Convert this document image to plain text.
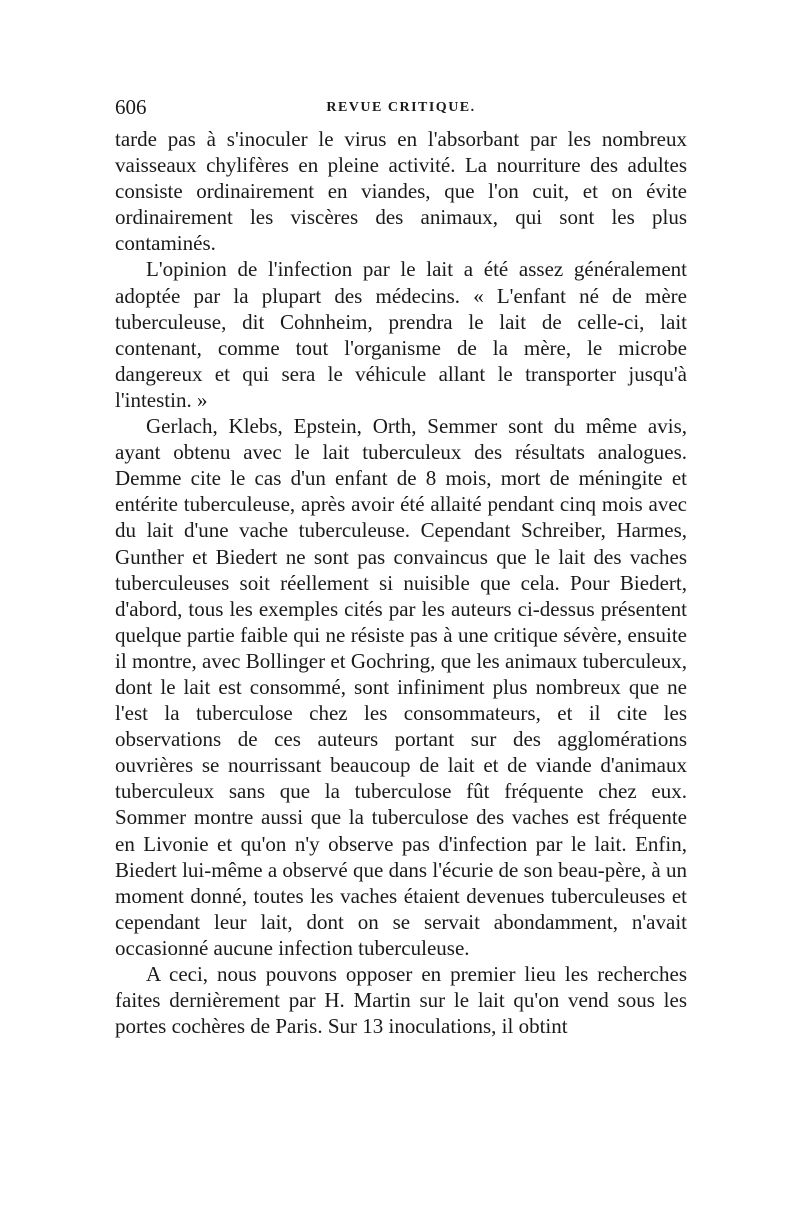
606	REVUE CRITIQUE.

tarde pas à s'inoculer le virus en l'absorbant par les nombreux vaisseaux chylifères en pleine activité. La nourriture des adultes consiste ordinairement en viandes, que l'on cuit, et on évite ordinairement les viscères des animaux, qui sont les plus contaminés.

L'opinion de l'infection par le lait a été assez généralement adoptée par la plupart des médecins. « L'enfant né de mère tuberculeuse, dit Cohnheim, prendra le lait de celle-ci, lait contenant, comme tout l'organisme de la mère, le microbe dangereux et qui sera le véhicule allant le transporter jusqu'à l'intestin. »

Gerlach, Klebs, Epstein, Orth, Semmer sont du même avis, ayant obtenu avec le lait tuberculeux des résultats analogues. Demme cite le cas d'un enfant de 8 mois, mort de méningite et entérite tuberculeuse, après avoir été allaité pendant cinq mois avec du lait d'une vache tuberculeuse. Cependant Schreiber, Harmes, Gunther et Biedert ne sont pas convaincus que le lait des vaches tuberculeuses soit réellement si nuisible que cela. Pour Biedert, d'abord, tous les exemples cités par les auteurs ci-dessus présentent quelque partie faible qui ne résiste pas à une critique sévère, ensuite il montre, avec Bollinger et Gochring, que les animaux tuberculeux, dont le lait est consommé, sont infiniment plus nombreux que ne l'est la tuberculose chez les consommateurs, et il cite les observations de ces auteurs portant sur des agglomérations ouvrières se nourrissant beaucoup de lait et de viande d'animaux tuberculeux sans que la tuberculose fût fréquente chez eux. Sommer montre aussi que la tuberculose des vaches est fréquente en Livonie et qu'on n'y observe pas d'infection par le lait. Enfin, Biedert lui-même a observé que dans l'écurie de son beau-père, à un moment donné, toutes les vaches étaient devenues tuberculeuses et cependant leur lait, dont on se servait abondamment, n'avait occasionné aucune infection tuberculeuse.

A ceci, nous pouvons opposer en premier lieu les recherches faites dernièrement par H. Martin sur le lait qu'on vend sous les portes cochères de Paris. Sur 13 inoculations, il obtint
